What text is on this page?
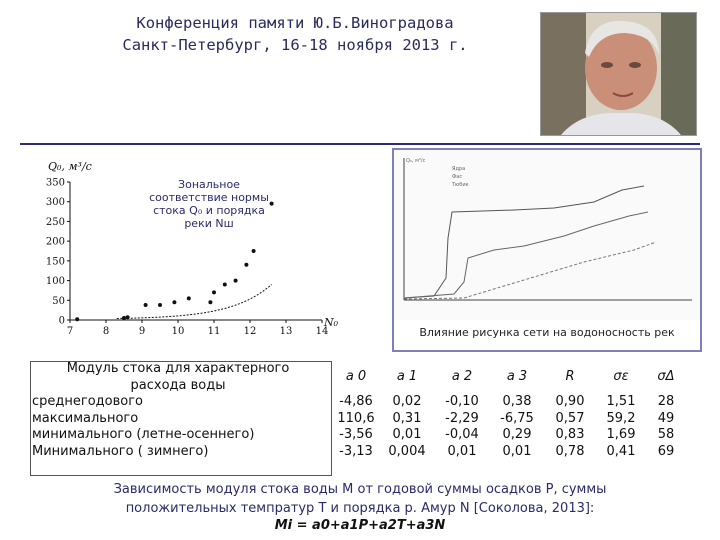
Конференция памяти Ю.Б.Виноградова
Санкт-Петербург, 16-18 ноября 2013 г.
Q₀, м³/с
N₀
350
300
250
200
150
100
50
0
7	8	9	10 11 12 13 14
Зональное
соответствие нормы
стока Q₀ и порядка
реки Nш
Q₀, м³/с
Ядра
Фас
Тюбик
Влияние рисунка сети на водоносность рек
Модуль стока для характерного
расхода воды	a 0	a 1	a 2	a 3	R	σε	σΔ
среднегодового	-4,86	0,02	-0,10	0,38	0,90	1,51	28
максимального	110,6	0,31	-2,29	-6,75	0,57	59,2	49
минимального (летне-осеннего)	-3,56	0,01	-0,04	0,29	0,83	1,69	58
Минимального ( зимнего)	-3,13	0,004	0,01	0,01	0,78	0,41	69
Зависимость модуля стока воды M от годовой суммы осадков P, суммы
положительных темпратур T и порядка р. Амур N [Соколова, 2013]:
Mi = a0+a1P+a2T+a3N
